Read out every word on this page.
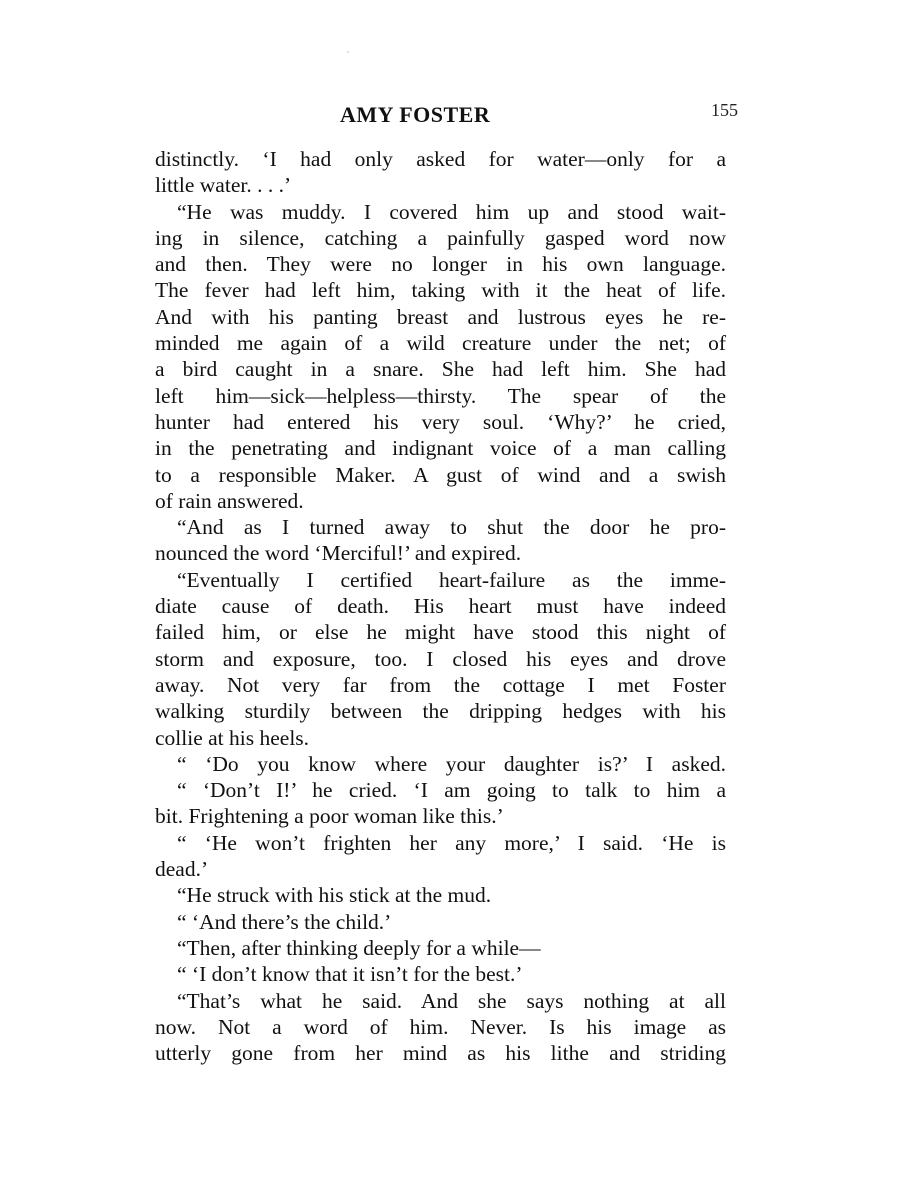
AMY FOSTER	155
distinctly. ‘I had only asked for water—only for a
little water. . . .’
“He was muddy. I covered him up and stood wait-
ing in silence, catching a painfully gasped word now
and then. They were no longer in his own language.
The fever had left him, taking with it the heat of life.
And with his panting breast and lustrous eyes he re-
minded me again of a wild creature under the net; of
a bird caught in a snare. She had left him. She had
left him—sick—helpless—thirsty. The spear of the
hunter had entered his very soul. ‘Why?’ he cried,
in the penetrating and indignant voice of a man calling
to a responsible Maker. A gust of wind and a swish
of rain answered.
“And as I turned away to shut the door he pro-
nounced the word ‘Merciful!’ and expired.
“Eventually I certified heart-failure as the imme-
diate cause of death. His heart must have indeed
failed him, or else he might have stood this night of
storm and exposure, too. I closed his eyes and drove
away. Not very far from the cottage I met Foster
walking sturdily between the dripping hedges with his
collie at his heels.
“ ‘Do you know where your daughter is?’ I asked.
“ ‘Don’t I!’ he cried. ‘I am going to talk to him a
bit. Frightening a poor woman like this.’
“ ‘He won’t frighten her any more,’ I said. ‘He is
dead.’
“He struck with his stick at the mud.
“ ‘And there’s the child.’
“Then, after thinking deeply for a while—
“ ‘I don’t know that it isn’t for the best.’
“That’s what he said. And she says nothing at all
now. Not a word of him. Never. Is his image as
utterly gone from her mind as his lithe and striding
